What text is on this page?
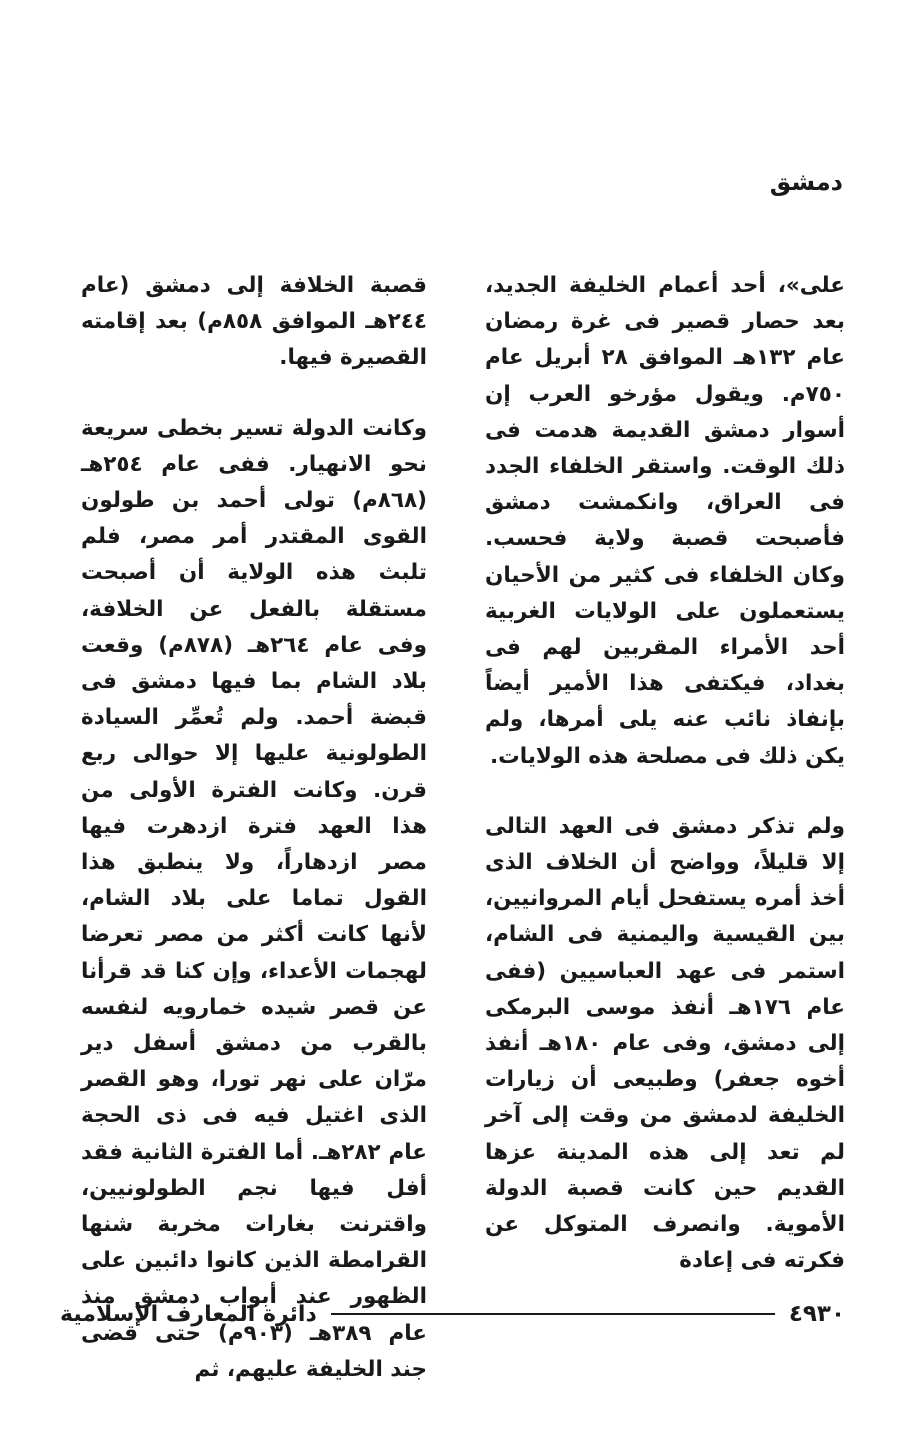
دمشق

على»، أحد أعمام الخليفة الجديد، بعد حصار قصير فى غرة رمضان عام ١٣٢هـ الموافق ٢٨ أبريل عام ٧٥٠م. ويقول مؤرخو العرب إن أسوار دمشق القديمة هدمت فى ذلك الوقت. واستقر الخلفاء الجدد فى العراق، وانكمشت دمشق فأصبحت قصبة ولاية فحسب. وكان الخلفاء فى كثير من الأحيان يستعملون على الولايات الغربية أحد الأمراء المقربين لهم فى بغداد، فيكتفى هذا الأمير أيضاً بإنفاذ نائب عنه يلى أمرها، ولم يكن ذلك فى مصلحة هذه الولايات.

ولم تذكر دمشق فى العهد التالى إلا قليلاً، وواضح أن الخلاف الذى أخذ أمره يستفحل أيام المروانيين، بين القيسية واليمنية فى الشام، استمر فى عهد العباسيين (ففى عام ١٧٦هـ أنفذ موسى البرمكى إلى دمشق، وفى عام ١٨٠هـ أنفذ أخوه جعفر) وطبيعى أن زيارات الخليفة لدمشق من وقت إلى آخر لم تعد إلى هذه المدينة عزها القديم حين كانت قصبة الدولة الأموية. وانصرف المتوكل عن فكرته فى إعادة

قصبة الخلافة إلى دمشق (عام ٢٤٤هـ الموافق ٨٥٨م) بعد إقامته القصيرة فيها.

وكانت الدولة تسير بخطى سريعة نحو الانهيار. ففى عام ٢٥٤هـ (٨٦٨م) تولى أحمد بن طولون القوى المقتدر أمر مصر، فلم تلبث هذه الولاية أن أصبحت مستقلة بالفعل عن الخلافة، وفى عام ٢٦٤هـ (٨٧٨م) وقعت بلاد الشام بما فيها دمشق فى قبضة أحمد. ولم تُعمِّر السيادة الطولونية عليها إلا حوالى ربع قرن. وكانت الفترة الأولى من هذا العهد فترة ازدهرت فيها مصر ازدهاراً، ولا ينطبق هذا القول تماما على بلاد الشام، لأنها كانت أكثر من مصر تعرضا لهجمات الأعداء، وإن كنا قد قرأنا عن قصر شيده خمارويه لنفسه بالقرب من دمشق أسفل دير مرّان على نهر تورا، وهو القصر الذى اغتيل فيه فى ذى الحجة عام ٢٨٢هـ. أما الفترة الثانية فقد أفل فيها نجم الطولونيين، واقترنت بغارات مخربة شنها القرامطة الذين كانوا دائبين على الظهور عند أبواب دمشق منذ عام ٣٨٩هـ (٩٠٣م) حتى قضى جند الخليفة عليهم، ثم

دائرة المعارف الإسلامية	٤٩٣٠
